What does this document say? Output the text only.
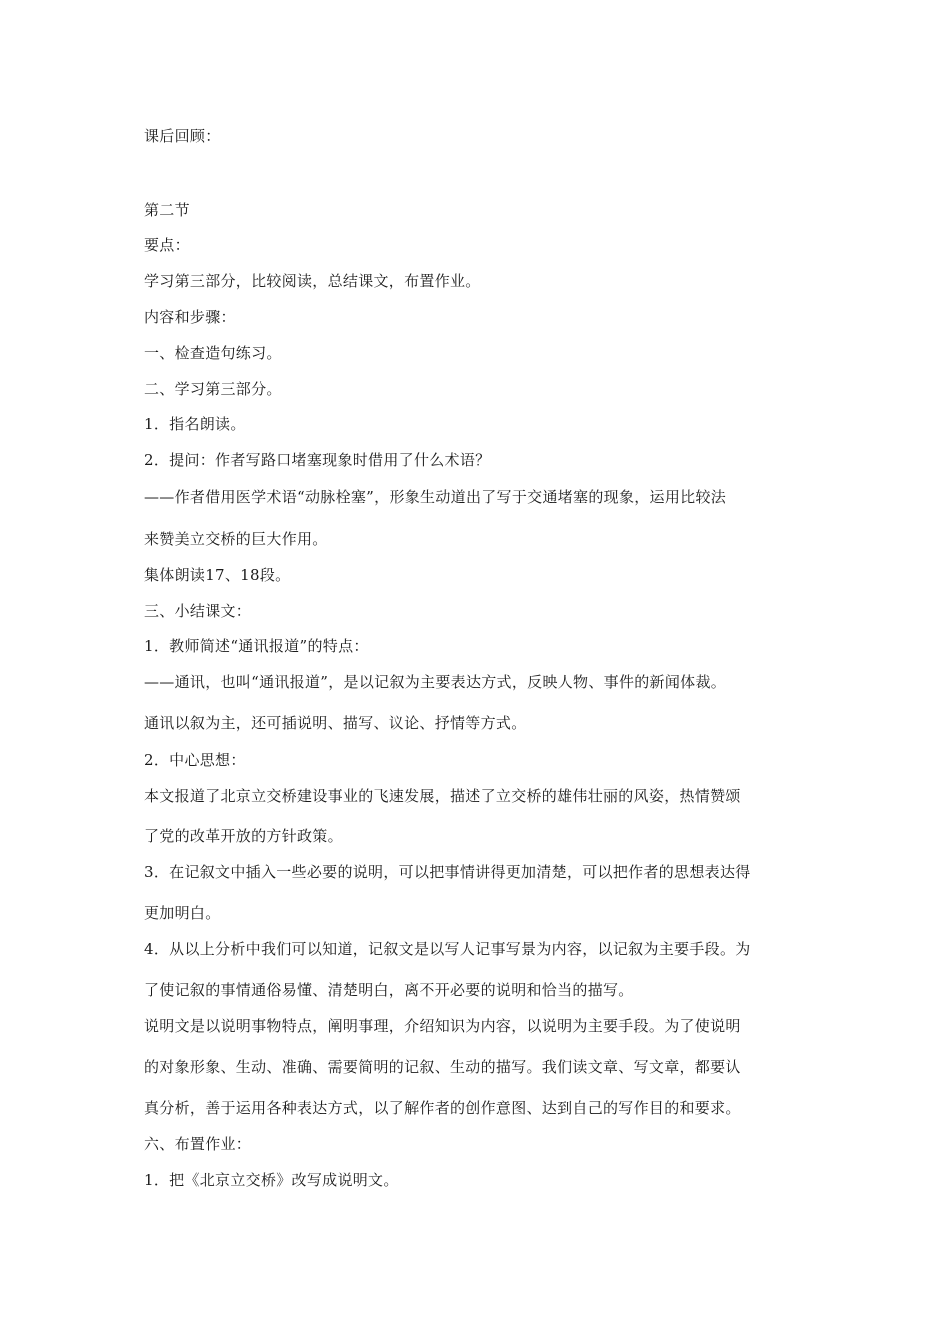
课后回顾：
第二节
要点：
学习第三部分，比较阅读，总结课文，布置作业。
内容和步骤：
一、检查造句练习。
二、学习第三部分。
1．指名朗读。
2．提问：作者写路口堵塞现象时借用了什么术语？
——作者借用医学术语“动脉栓塞”，形象生动道出了写于交通堵塞的现象，运用比较法
来赞美立交桥的巨大作用。
集体朗读17、18段。
三、小结课文：
1．教师简述“通讯报道”的特点：
——通讯，也叫“通讯报道”，是以记叙为主要表达方式，反映人物、事件的新闻体裁。
通讯以叙为主，还可插说明、描写、议论、抒情等方式。
2．中心思想：
本文报道了北京立交桥建设事业的飞速发展，描述了立交桥的雄伟壮丽的风姿，热情赞颂
了党的改革开放的方针政策。
3．在记叙文中插入一些必要的说明，可以把事情讲得更加清楚，可以把作者的思想表达得
更加明白。
4．从以上分析中我们可以知道，记叙文是以写人记事写景为内容，以记叙为主要手段。为
了使记叙的事情通俗易懂、清楚明白，离不开必要的说明和恰当的描写。
说明文是以说明事物特点，阐明事理，介绍知识为内容，以说明为主要手段。为了使说明
的对象形象、生动、准确、需要简明的记叙、生动的描写。我们读文章、写文章，都要认
真分析，善于运用各种表达方式，以了解作者的创作意图、达到自己的写作目的和要求。
六、布置作业：
1．把《北京立交桥》改写成说明文。
